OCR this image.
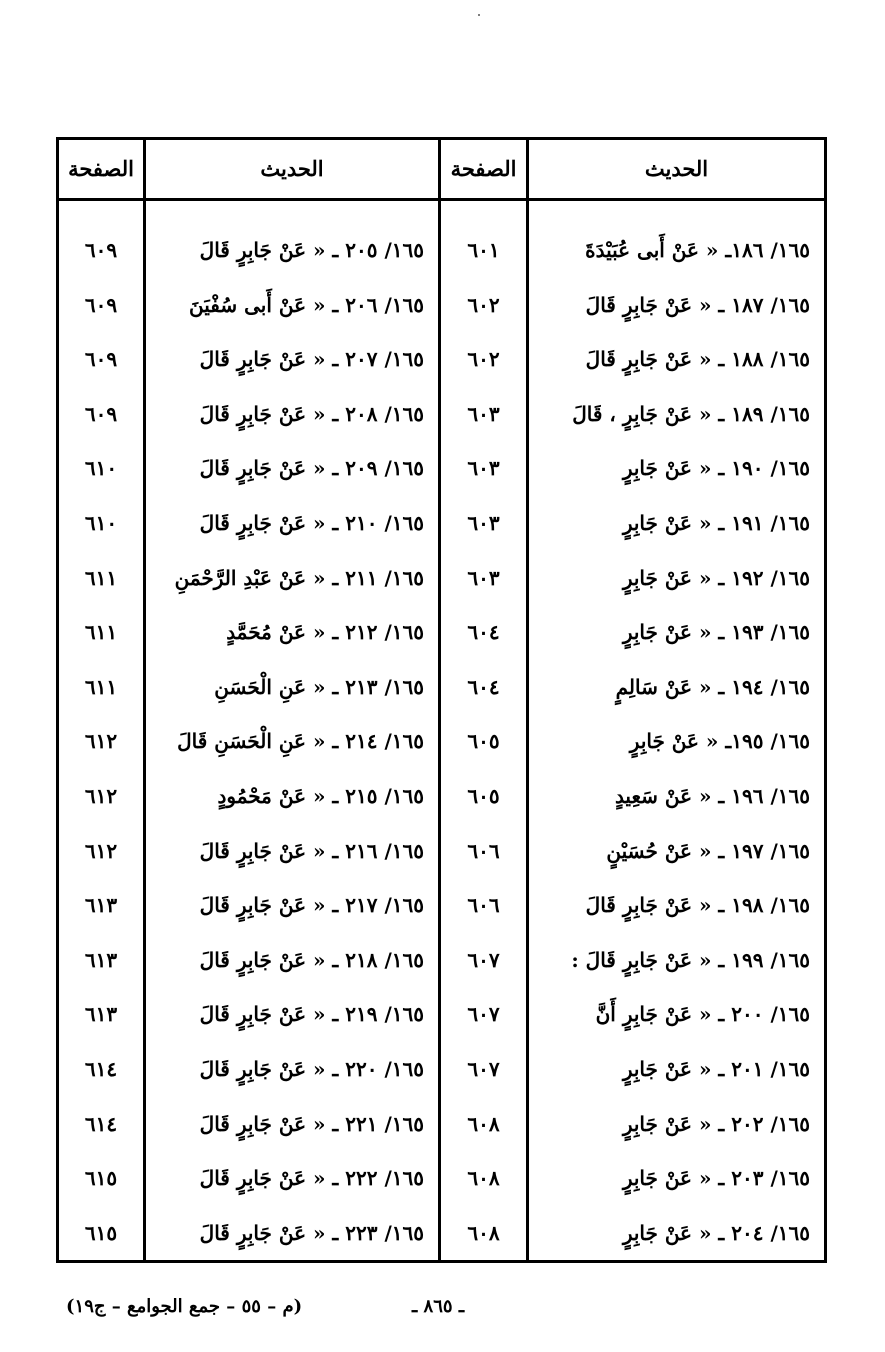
الحديث
١٦٥/ ١٨٦ـ « عَنْ أَبى عُبَيْدَةَ
١٦٥/ ١٨٧ ـ « عَنْ جَابِرٍ قَالَ
١٦٥/ ١٨٨ ـ « عَنْ جَابِرٍ قَالَ
١٦٥/ ١٨٩ ـ « عَنْ جَابِرٍ ، قَالَ
١٦٥/ ١٩٠ ـ « عَنْ جَابِرٍ
١٦٥/ ١٩١ ـ « عَنْ جَابِرٍ
١٦٥/ ١٩٢ ـ « عَنْ جَابِرٍ
١٦٥/ ١٩٣ ـ « عَنْ جَابِرٍ
١٦٥/ ١٩٤ ـ « عَنْ سَالِمٍ
١٦٥/ ١٩٥ـ « عَنْ جَابِرٍ
١٦٥/ ١٩٦ ـ « عَنْ سَعِيدٍ
١٦٥/ ١٩٧ ـ « عَنْ حُسَيْنٍ
١٦٥/ ١٩٨ ـ « عَنْ جَابِرٍ قَالَ
١٦٥/ ١٩٩ ـ « عَنْ جَابِرٍ قَالَ :
١٦٥/ ٢٠٠ ـ « عَنْ جَابِرٍ أَنَّ
١٦٥/ ٢٠١ ـ « عَنْ جَابِرٍ
١٦٥/ ٢٠٢ ـ « عَنْ جَابِرٍ
١٦٥/ ٢٠٣ ـ « عَنْ جَابِرٍ
١٦٥/ ٢٠٤ ـ « عَنْ جَابِرٍ
الصفحة
٦٠١
٦٠٢
٦٠٢
٦٠٣
٦٠٣
٦٠٣
٦٠٣
٦٠٤
٦٠٤
٦٠٥
٦٠٥
٦٠٦
٦٠٦
٦٠٧
٦٠٧
٦٠٧
٦٠٨
٦٠٨
٦٠٨
الحديث
١٦٥/ ٢٠٥ ـ « عَنْ جَابِرٍ قَالَ
١٦٥/ ٢٠٦ ـ « عَنْ أَبى سُفْيَنَ
١٦٥/ ٢٠٧ ـ « عَنْ جَابِرٍ قَالَ
١٦٥/ ٢٠٨ ـ « عَنْ جَابِرٍ قَالَ
١٦٥/ ٢٠٩ ـ « عَنْ جَابِرٍ قَالَ
١٦٥/ ٢١٠ ـ « عَنْ جَابِرٍ قَالَ
١٦٥/ ٢١١ ـ « عَنْ عَبْدِ الرَّحْمَنِ
١٦٥/ ٢١٢ ـ « عَنْ مُحَمَّدٍ
١٦٥/ ٢١٣ ـ « عَنِ الْحَسَنِ
١٦٥/ ٢١٤ ـ « عَنِ الْحَسَنِ قَالَ
١٦٥/ ٢١٥ ـ « عَنْ مَحْمُودٍ
١٦٥/ ٢١٦ ـ « عَنْ جَابِرٍ قَالَ
١٦٥/ ٢١٧ ـ « عَنْ جَابِرٍ قَالَ
١٦٥/ ٢١٨ ـ « عَنْ جَابِرٍ قَالَ
١٦٥/ ٢١٩ ـ « عَنْ جَابِرٍ قَالَ
١٦٥/ ٢٢٠ ـ « عَنْ جَابِرٍ قَالَ
١٦٥/ ٢٢١ ـ « عَنْ جَابِرٍ قَالَ
١٦٥/ ٢٢٢ ـ « عَنْ جَابِرٍ قَالَ
١٦٥/ ٢٢٣ ـ « عَنْ جَابِرٍ قَالَ
الصفحة
٦٠٩
٦٠٩
٦٠٩
٦٠٩
٦١٠
٦١٠
٦١١
٦١١
٦١١
٦١٢
٦١٢
٦١٢
٦١٣
٦١٣
٦١٣
٦١٤
٦١٤
٦١٥
٦١٥
ـ ٨٦٥ ـ
(م – ٥٥ – جمع الجوامع – ج١٩)
